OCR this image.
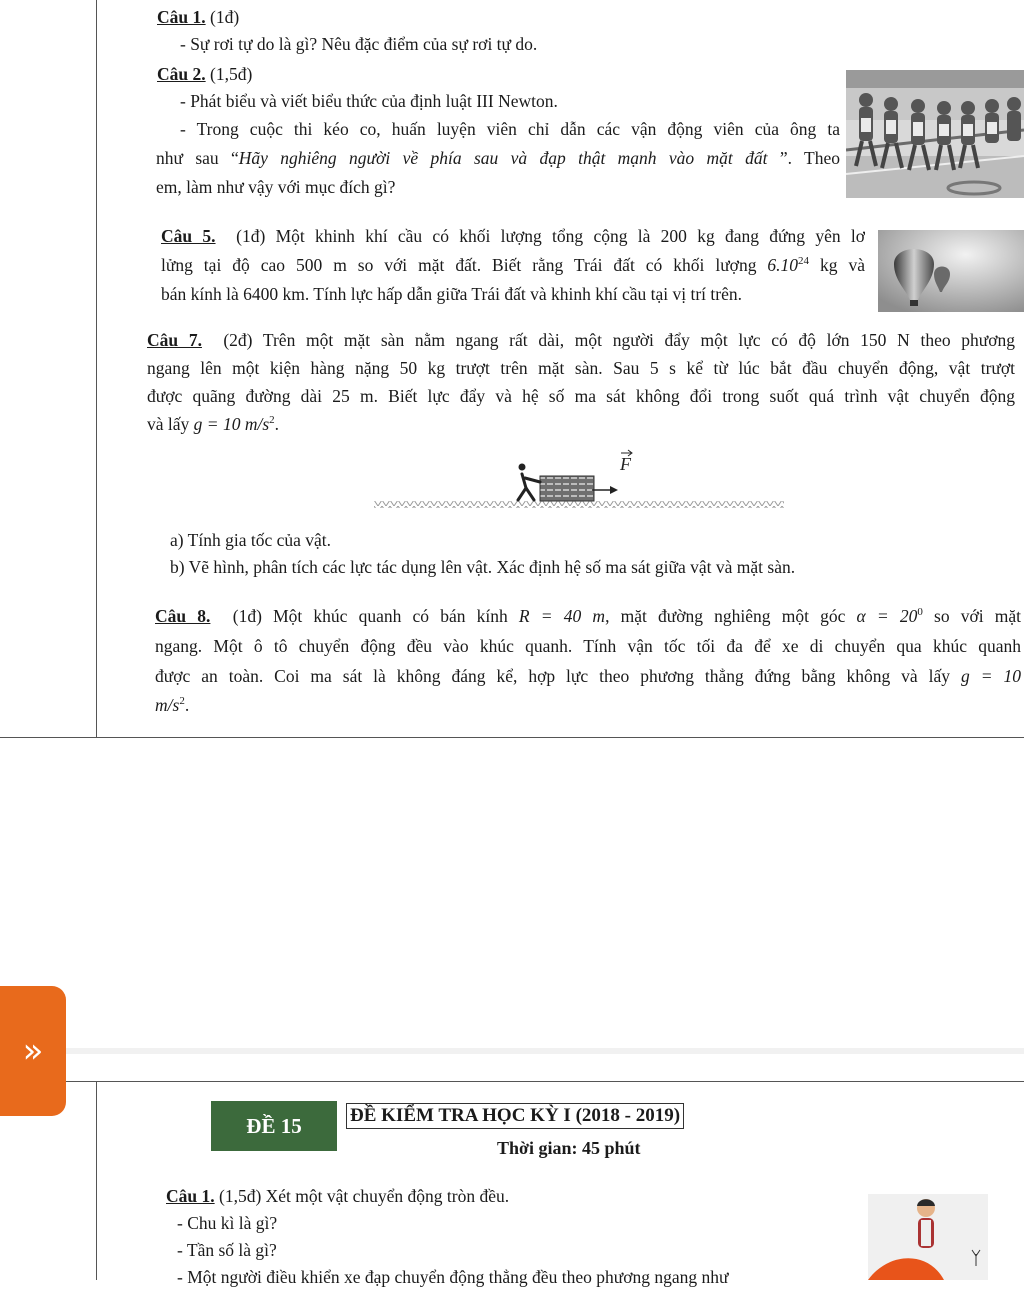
Câu 1. (1đ)
- Sự rơi tự do là gì? Nêu đặc điểm của sự rơi tự do.
Câu 2. (1,5đ)
- Phát biểu và viết biểu thức của định luật III Newton.
- Trong cuộc thi kéo co, huấn luyện viên chỉ dẫn các vận động viên của ông ta
như sau “Hãy nghiêng người về phía sau và đạp thật mạnh vào mặt đất ”. Theo
em, làm như vậy với mục đích gì?
Câu 5. (1đ) Một khinh khí cầu có khối lượng tổng cộng là 200 kg đang đứng yên lơ
lửng tại độ cao 500 m so với mặt đất. Biết rằng Trái đất có khối lượng 6.10$^{24}$ kg và
bán kính là 6400 km. Tính lực hấp dẫn giữa Trái đất và khinh khí cầu tại vị trí trên.
Câu 7. (2đ) Trên một mặt sàn nằm ngang rất dài, một người đẩy một lực có độ lớn 150 N theo phương
ngang lên một kiện hàng nặng 50 kg trượt trên mặt sàn. Sau 5 s kể từ lúc bắt đầu chuyển động, vật trượt
được quãng đường dài 25 m. Biết lực đẩy và hệ số ma sát không đổi trong suốt quá trình vật chuyển động
và lấy g = 10 $m/s^2$.
F
a) Tính gia tốc của vật.
b) Vẽ hình, phân tích các lực tác dụng lên vật. Xác định hệ số ma sát giữa vật và mặt sàn.
Câu 8. (1đ) Một khúc quanh có bán kính R = 40 m, mặt đường nghiêng một góc $\alpha = 20^0$ so với mặt
ngang. Một ô tô chuyển động đều vào khúc quanh. Tính vận tốc tối đa để xe di chuyển qua khúc quanh
được an toàn. Coi ma sát là không đáng kể, hợp lực theo phương thẳng đứng bằng không và lấy g = 10
$m/s^2$.
»
ĐỀ 15	ĐỀ KIỂM TRA HỌC KỲ I (2018 - 2019)
Thời gian: 45 phút
Câu 1. (1,5đ) Xét một vật chuyển động tròn đều.
- Chu kì là gì?
- Tần số là gì?
- Một người điều khiển xe đạp chuyển động thẳng đều theo phương ngang như
